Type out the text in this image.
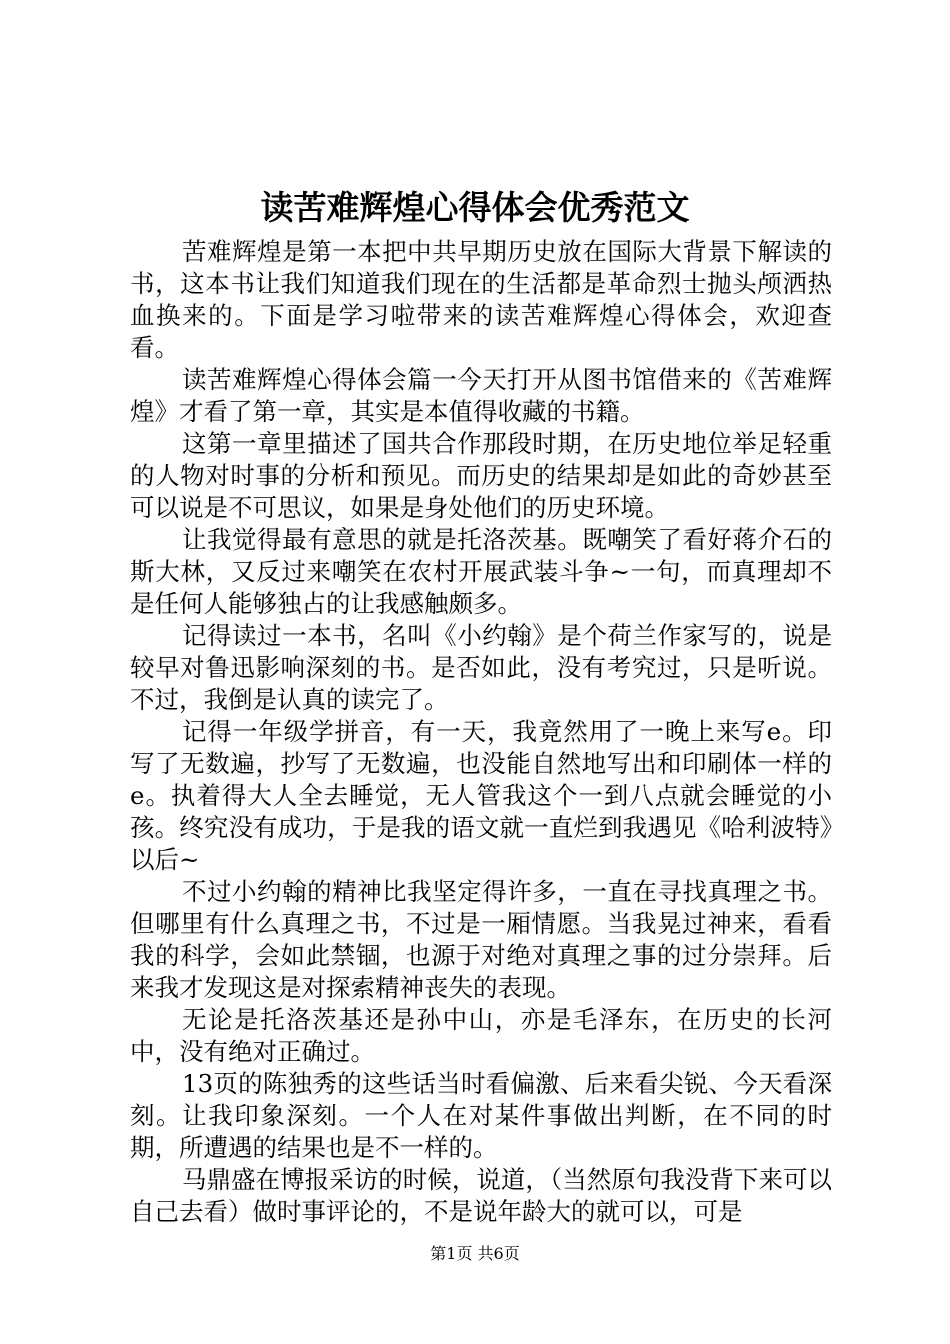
读苦难辉煌心得体会优秀范文

苦难辉煌是第一本把中共早期历史放在国际大背景下解读的书，这本书让我们知道我们现在的生活都是革命烈士抛头颅洒热血换来的。下面是学习啦带来的读苦难辉煌心得体会，欢迎查看。

读苦难辉煌心得体会篇一今天打开从图书馆借来的《苦难辉煌》才看了第一章，其实是本值得收藏的书籍。

这第一章里描述了国共合作那段时期，在历史地位举足轻重的人物对时事的分析和预见。而历史的结果却是如此的奇妙甚至可以说是不可思议，如果是身处他们的历史环境。

让我觉得最有意思的就是托洛茨基。既嘲笑了看好蒋介石的斯大林，又反过来嘲笑在农村开展武装斗争~一句，而真理却不是任何人能够独占的让我感触颇多。

记得读过一本书，名叫《小约翰》是个荷兰作家写的，说是较早对鲁迅影响深刻的书。是否如此，没有考究过，只是听说。不过，我倒是认真的读完了。

记得一年级学拼音，有一天，我竟然用了一晚上来写e。印写了无数遍，抄写了无数遍，也没能自然地写出和印刷体一样的e。执着得大人全去睡觉，无人管我这个一到八点就会睡觉的小孩。终究没有成功，于是我的语文就一直烂到我遇见《哈利波特》以后~

不过小约翰的精神比我坚定得许多，一直在寻找真理之书。但哪里有什么真理之书，不过是一厢情愿。当我晃过神来，看看我的科学，会如此禁锢，也源于对绝对真理之事的过分崇拜。后来我才发现这是对探索精神丧失的表现。

无论是托洛茨基还是孙中山，亦是毛泽东，在历史的长河中，没有绝对正确过。

13页的陈独秀的这些话当时看偏激、后来看尖锐、今天看深刻。让我印象深刻。一个人在对某件事做出判断，在不同的时期，所遭遇的结果也是不一样的。

马鼎盛在博报采访的时候，说道，（当然原句我没背下来可以自己去看）做时事评论的，不是说年龄大的就可以，可是

第1页 共6页
